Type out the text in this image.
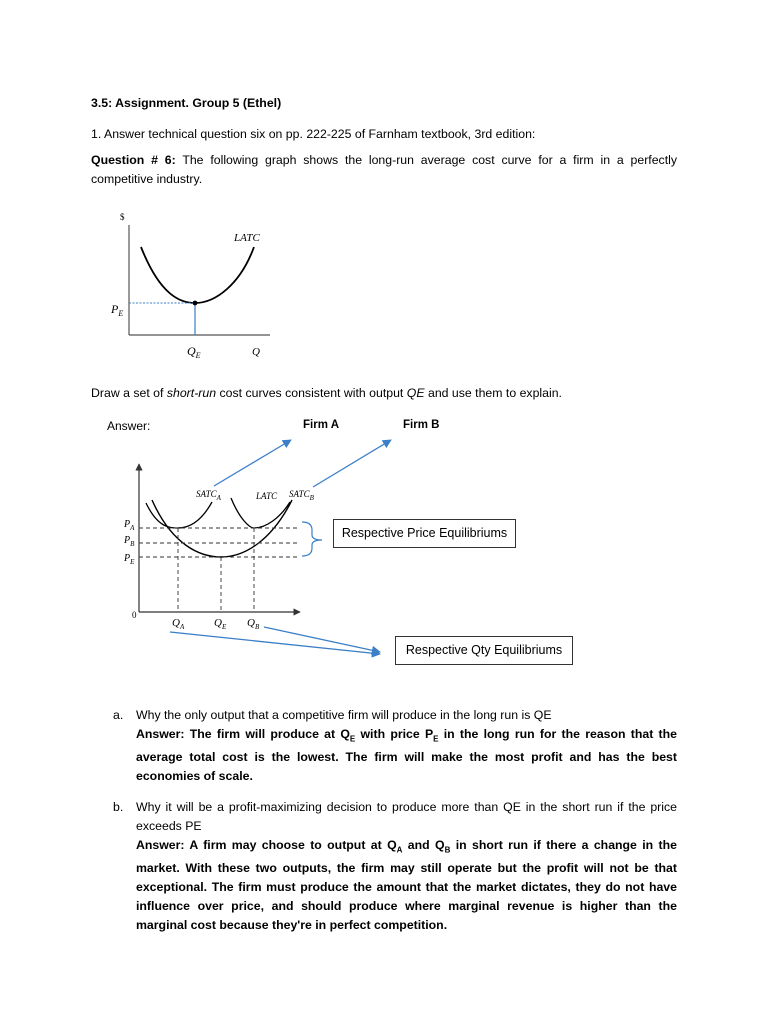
3.5: Assignment. Group 5 (Ethel)
1. Answer technical question six on pp. 222-225 of Farnham textbook, 3rd edition:
Question # 6: The following graph shows the long-run average cost curve for a firm in a perfectly competitive industry.
$
LATC
$P_E$
$Q_E$	Q
Draw a set of short-run cost curves consistent with output QE and use them to explain.
Answer:	Firm A	Firm B
$SATC_A$	LATC $SATC_B$
$P_A$
$P_B$
$P_E$
0
$Q_A$	$Q_E$ $Q_B$
Respective Price Equilibriums
Respective Qty Equilibriums
a. Why the only output that a competitive firm will produce in the long run is QE
Answer: The firm will produce at $Q_E$ with price $P_E$ in the long run for the reason that the average total cost is the lowest. The firm will make the most profit and has the best economies of scale.
b. Why it will be a profit-maximizing decision to produce more than QE in the short run if the price exceeds PE
Answer: A firm may choose to output at $Q_A$ and $Q_B$ in short run if there a change in the market. With these two outputs, the firm may still operate but the profit will not be that exceptional. The firm must produce the amount that the market dictates, they do not have influence over price, and should produce where marginal revenue is higher than the marginal cost because they're in perfect competition.
